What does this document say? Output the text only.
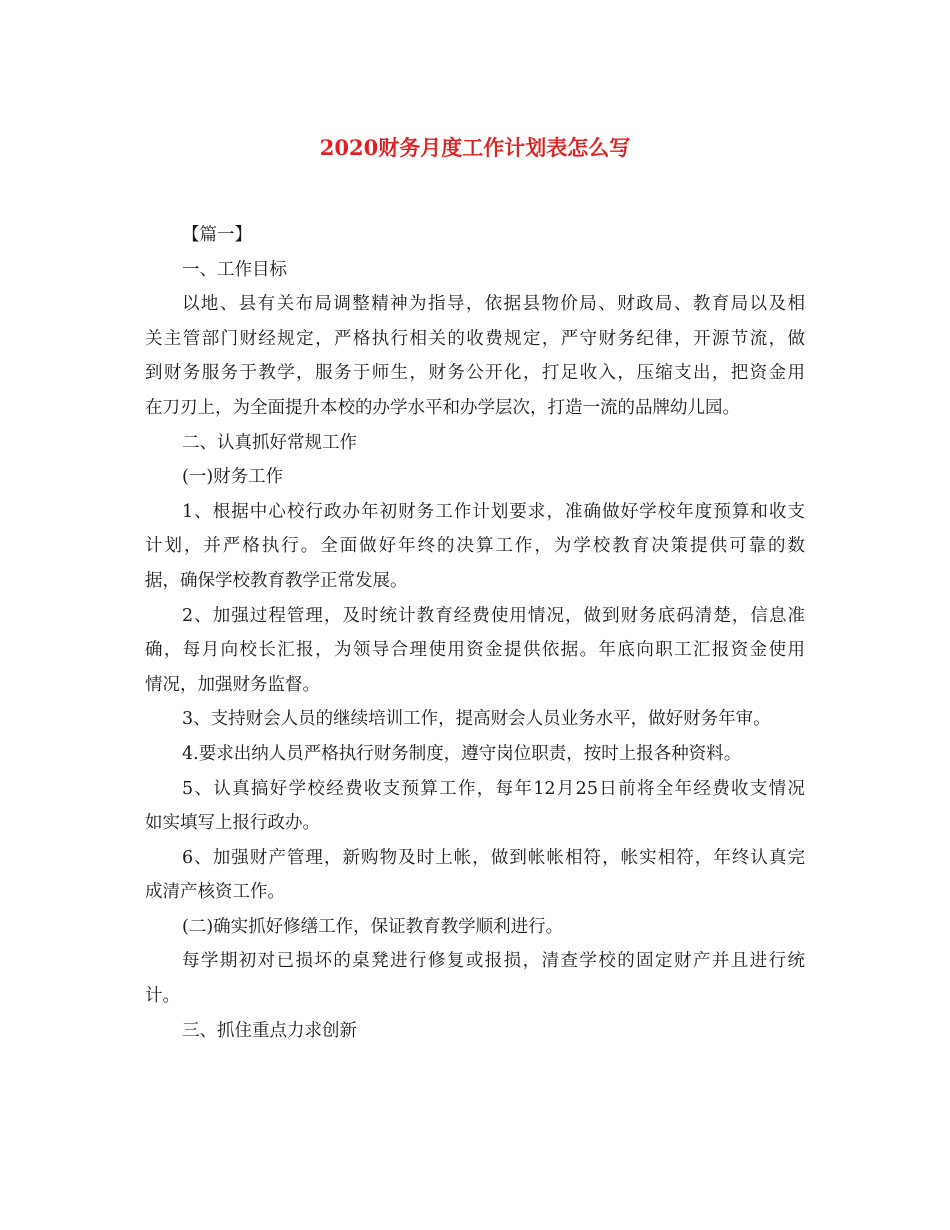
2020财务月度工作计划表怎么写

【篇一】

一、工作目标

以地、县有关布局调整精神为指导，依据县物价局、财政局、教育局以及相

关主管部门财经规定，严格执行相关的收费规定，严守财务纪律，开源节流，做

到财务服务于教学，服务于师生，财务公开化，打足收入，压缩支出，把资金用

在刀刃上，为全面提升本校的办学水平和办学层次，打造一流的品牌幼儿园。

二、认真抓好常规工作

(一)财务工作

1、根据中心校行政办年初财务工作计划要求，准确做好学校年度预算和收支

计划，并严格执行。全面做好年终的决算工作，为学校教育决策提供可靠的数

据，确保学校教育教学正常发展。

2、加强过程管理，及时统计教育经费使用情况，做到财务底码清楚，信息准

确，每月向校长汇报，为领导合理使用资金提供依据。年底向职工汇报资金使用

情况，加强财务监督。

3、支持财会人员的继续培训工作，提高财会人员业务水平，做好财务年审。

4.要求出纳人员严格执行财务制度，遵守岗位职责，按时上报各种资料。

5、认真搞好学校经费收支预算工作，每年12月25日前将全年经费收支情况

如实填写上报行政办。

6、加强财产管理，新购物及时上帐，做到帐帐相符，帐实相符，年终认真完

成清产核资工作。

(二)确实抓好修缮工作，保证教育教学顺利进行。

每学期初对已损坏的桌凳进行修复或报损，清查学校的固定财产并且进行统

计。

三、抓住重点力求创新
